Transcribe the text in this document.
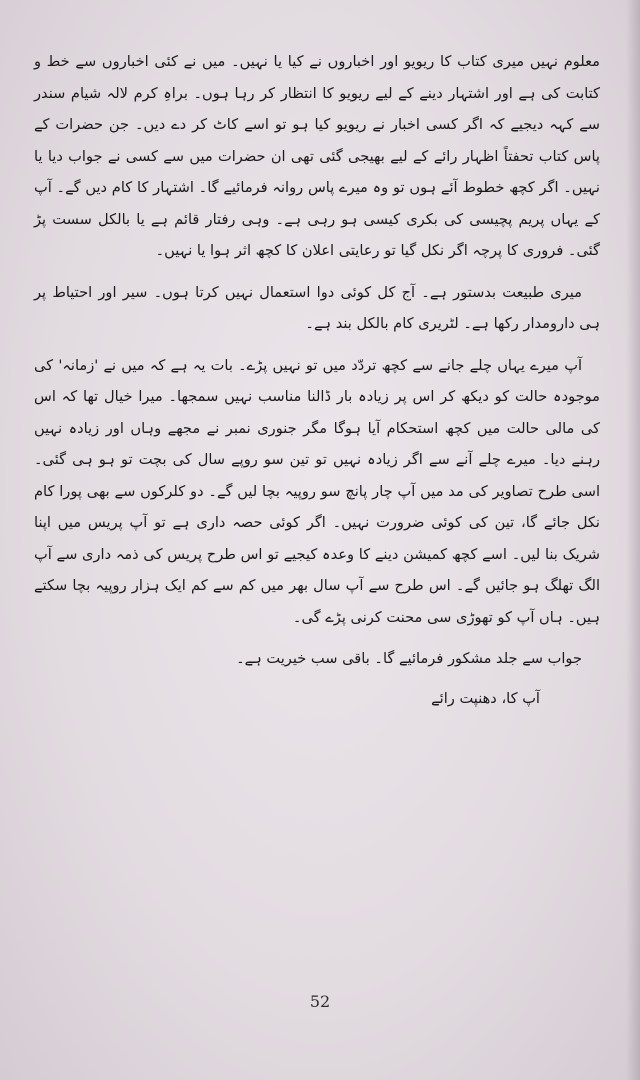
معلوم نہیں میری کتاب کا ریویو اور اخباروں نے کیا یا نہیں۔ میں نے کئی اخباروں سے خط و کتابت کی ہے اور اشتہار دینے کے لیے ریویو کا انتظار کر رہا ہوں۔ براہِ کرم لالہ شیام سندر سے کہہ دیجیے کہ اگر کسی اخبار نے ریویو کیا ہو تو اسے کاٹ کر دے دیں۔ جن حضرات کے پاس کتاب تحفتاً اظہار رائے کے لیے بھیجی گئی تھی ان حضرات میں سے کسی نے جواب دیا یا نہیں۔ اگر کچھ خطوط آئے ہوں تو وہ میرے پاس روانہ فرمائیے گا۔ اشتہار کا کام دیں گے۔ آپ کے یہاں پریم پچیسی کی بکری کیسی ہو رہی ہے۔ وہی رفتار قائم ہے یا بالکل سست پڑ گئی۔ فروری کا پرچہ اگر نکل گیا تو رعایتی اعلان کا کچھ اثر ہوا یا نہیں۔

میری طبیعت بدستور ہے۔ آج کل کوئی دوا استعمال نہیں کرتا ہوں۔ سیر اور احتیاط پر ہی دارومدار رکھا ہے۔ لٹریری کام بالکل بند ہے۔

آپ میرے یہاں چلے جانے سے کچھ تردّد میں تو نہیں پڑے۔ بات یہ ہے کہ میں نے 'زمانہ' کی موجودہ حالت کو دیکھ کر اس پر زیادہ بار ڈالنا مناسب نہیں سمجھا۔ میرا خیال تھا کہ اس کی مالی حالت میں کچھ استحکام آیا ہوگا مگر جنوری نمبر نے مجھے وہاں اور زیادہ نہیں رہنے دیا۔ میرے چلے آنے سے اگر زیادہ نہیں تو تین سو روپے سال کی بچت تو ہو ہی گئی۔ اسی طرح تصاویر کی مد میں آپ چار پانچ سو روپیہ بچا لیں گے۔ دو کلرکوں سے بھی پورا کام نکل جائے گا، تین کی کوئی ضرورت نہیں۔ اگر کوئی حصہ داری ہے تو آپ پریس میں اپنا شریک بنا لیں۔ اسے کچھ کمیشن دینے کا وعدہ کیجیے تو اس طرح پریس کی ذمہ داری سے آپ الگ تھلگ ہو جائیں گے۔ اس طرح سے آپ سال بھر میں کم سے کم ایک ہزار روپیہ بچا سکتے ہیں۔ ہاں آپ کو تھوڑی سی محنت کرنی پڑے گی۔

جواب سے جلد مشکور فرمائیے گا۔ باقی سب خیریت ہے۔

آپ کا، دھنپت رائے

52
